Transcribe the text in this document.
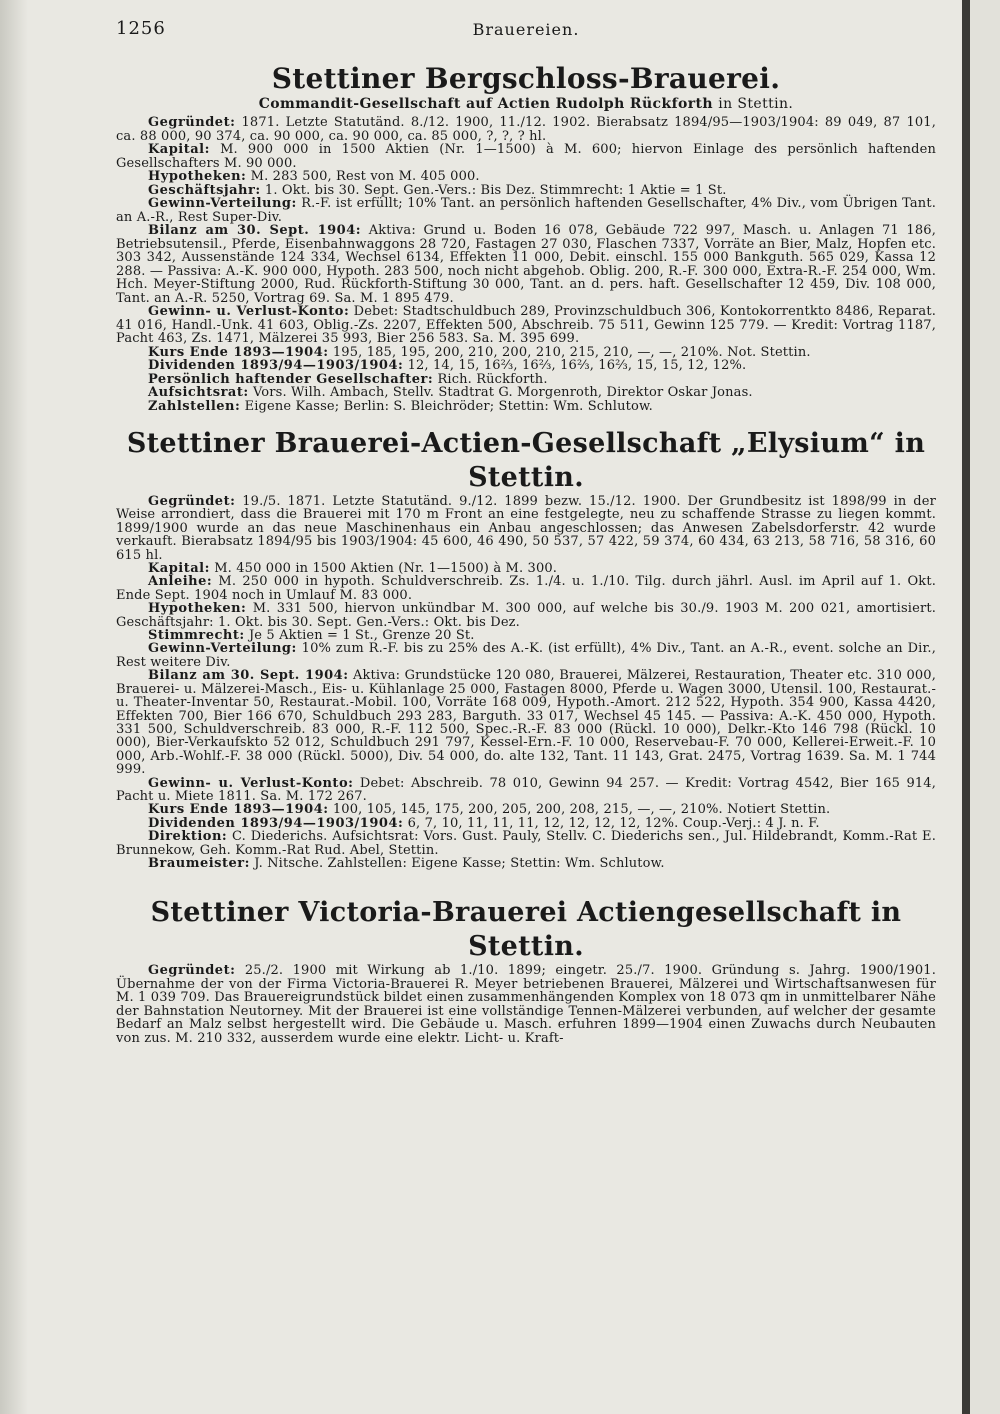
1256	Brauereien.
Stettiner Bergschloss-Brauerei.

Commandit-Gesellschaft auf Actien Rudolph Rückforth in Stettin.

Gegründet: 1871. Letzte Statutänd. 8./12. 1900, 11./12. 1902. Bierabsatz 1894/95—1903/1904: 89 049, 87 101, ca. 88 000, 90 374, ca. 90 000, ca. 90 000, ca. 85 000, ?, ?, ? hl.

Kapital: M. 900 000 in 1500 Aktien (Nr. 1—1500) à M. 600; hiervon Einlage des persönlich haftenden Gesellschafters M. 90 000.

Hypotheken: M. 283 500, Rest von M. 405 000.

Geschäftsjahr: 1. Okt. bis 30. Sept. Gen.-Vers.: Bis Dez. Stimmrecht: 1 Aktie = 1 St.

Gewinn-Verteilung: R.-F. ist erfüllt; 10% Tant. an persönlich haftenden Gesellschafter, 4% Div., vom Übrigen Tant. an A.-R., Rest Super-Div.

Bilanz am 30. Sept. 1904: Aktiva: Grund u. Boden 16 078, Gebäude 722 997, Masch. u. Anlagen 71 186, Betriebsutensil., Pferde, Eisenbahnwaggons 28 720, Fastagen 27 030, Flaschen 7337, Vorräte an Bier, Malz, Hopfen etc. 303 342, Aussenstände 124 334, Wechsel 6134, Effekten 11 000, Debit. einschl. 155 000 Bankguth. 565 029, Kassa 12 288. — Passiva: A.-K. 900 000, Hypoth. 283 500, noch nicht abgehob. Oblig. 200, R.-F. 300 000, Extra-R.-F. 254 000, Wm. Hch. Meyer-Stiftung 2000, Rud. Rückforth-Stiftung 30 000, Tant. an d. pers. haft. Gesellschafter 12 459, Div. 108 000, Tant. an A.-R. 5250, Vortrag 69. Sa. M. 1 895 479.

Gewinn- u. Verlust-Konto: Debet: Stadtschuldbuch 289, Provinzschuldbuch 306, Kontokorrentkto 8486, Reparat. 41 016, Handl.-Unk. 41 603, Oblig.-Zs. 2207, Effekten 500, Abschreib. 75 511, Gewinn 125 779. — Kredit: Vortrag 1187, Pacht 463, Zs. 1471, Mälzerei 35 993, Bier 256 583. Sa. M. 395 699.

Kurs Ende 1893—1904: 195, 185, 195, 200, 210, 200, 210, 215, 210, —, —, 210%. Not. Stettin.

Dividenden 1893/94—1903/1904: 12, 14, 15, 16⅔, 16⅔, 16⅔, 16⅔, 15, 15, 12, 12%.

Persönlich haftender Gesellschafter: Rich. Rückforth.

Aufsichtsrat: Vors. Wilh. Ambach, Stellv. Stadtrat G. Morgenroth, Direktor Oskar Jonas.

Zahlstellen: Eigene Kasse; Berlin: S. Bleichröder; Stettin: Wm. Schlutow.

Stettiner Brauerei-Actien-Gesellschaft „Elysium“ in Stettin.

Gegründet: 19./5. 1871. Letzte Statutänd. 9./12. 1899 bezw. 15./12. 1900. Der Grundbesitz ist 1898/99 in der Weise arrondiert, dass die Brauerei mit 170 m Front an eine festgelegte, neu zu schaffende Strasse zu liegen kommt. 1899/1900 wurde an das neue Maschinenhaus ein Anbau angeschlossen; das Anwesen Zabelsdorferstr. 42 wurde verkauft. Bierabsatz 1894/95 bis 1903/1904: 45 600, 46 490, 50 537, 57 422, 59 374, 60 434, 63 213, 58 716, 58 316, 60 615 hl.

Kapital: M. 450 000 in 1500 Aktien (Nr. 1—1500) à M. 300.

Anleihe: M. 250 000 in hypoth. Schuldverschreib. Zs. 1./4. u. 1./10. Tilg. durch jährl. Ausl. im April auf 1. Okt. Ende Sept. 1904 noch in Umlauf M. 83 000.

Hypotheken: M. 331 500, hiervon unkündbar M. 300 000, auf welche bis 30./9. 1903 M. 200 021, amortisiert. Geschäftsjahr: 1. Okt. bis 30. Sept. Gen.-Vers.: Okt. bis Dez.

Stimmrecht: Je 5 Aktien = 1 St., Grenze 20 St.

Gewinn-Verteilung: 10% zum R.-F. bis zu 25% des A.-K. (ist erfüllt), 4% Div., Tant. an A.-R., event. solche an Dir., Rest weitere Div.

Bilanz am 30. Sept. 1904: Aktiva: Grundstücke 120 080, Brauerei, Mälzerei, Restauration, Theater etc. 310 000, Brauerei- u. Mälzerei-Masch., Eis- u. Kühlanlage 25 000, Fastagen 8000, Pferde u. Wagen 3000, Utensil. 100, Restaurat.- u. Theater-Inventar 50, Restaurat.-Mobil. 100, Vorräte 168 009, Hypoth.-Amort. 212 522, Hypoth. 354 900, Kassa 4420, Effekten 700, Bier 166 670, Schuldbuch 293 283, Barguth. 33 017, Wechsel 45 145. — Passiva: A.-K. 450 000, Hypoth. 331 500, Schuldverschreib. 83 000, R.-F. 112 500, Spec.-R.-F. 83 000 (Rückl. 10 000), Delkr.-Kto 146 798 (Rückl. 10 000), Bier-Verkaufskto 52 012, Schuldbuch 291 797, Kessel-Ern.-F. 10 000, Reservebau-F. 70 000, Kellerei-Erweit.-F. 10 000, Arb.-Wohlf.-F. 38 000 (Rückl. 5000), Div. 54 000, do. alte 132, Tant. 11 143, Grat. 2475, Vortrag 1639. Sa. M. 1 744 999.

Gewinn- u. Verlust-Konto: Debet: Abschreib. 78 010, Gewinn 94 257. — Kredit: Vortrag 4542, Bier 165 914, Pacht u. Miete 1811. Sa. M. 172 267.

Kurs Ende 1893—1904: 100, 105, 145, 175, 200, 205, 200, 208, 215, —, —, 210%. Notiert Stettin.

Dividenden 1893/94—1903/1904: 6, 7, 10, 11, 11, 11, 12, 12, 12, 12, 12%. Coup.-Verj.: 4 J. n. F.

Direktion: C. Diederichs. Aufsichtsrat: Vors. Gust. Pauly, Stellv. C. Diederichs sen., Jul. Hildebrandt, Komm.-Rat E. Brunnekow, Geh. Komm.-Rat Rud. Abel, Stettin.

Braumeister: J. Nitsche. Zahlstellen: Eigene Kasse; Stettin: Wm. Schlutow.

Stettiner Victoria-Brauerei Actiengesellschaft in Stettin.

Gegründet: 25./2. 1900 mit Wirkung ab 1./10. 1899; eingetr. 25./7. 1900. Gründung s. Jahrg. 1900/1901. Übernahme der von der Firma Victoria-Brauerei R. Meyer betriebenen Brauerei, Mälzerei und Wirtschaftsanwesen für M. 1 039 709. Das Brauereigrundstück bildet einen zusammenhängenden Komplex von 18 073 qm in unmittelbarer Nähe der Bahnstation Neutorney. Mit der Brauerei ist eine vollständige Tennen-Mälzerei verbunden, auf welcher der gesamte Bedarf an Malz selbst hergestellt wird. Die Gebäude u. Masch. erfuhren 1899—1904 einen Zuwachs durch Neubauten von zus. M. 210 332, ausserdem wurde eine elektr. Licht- u. Kraft-
